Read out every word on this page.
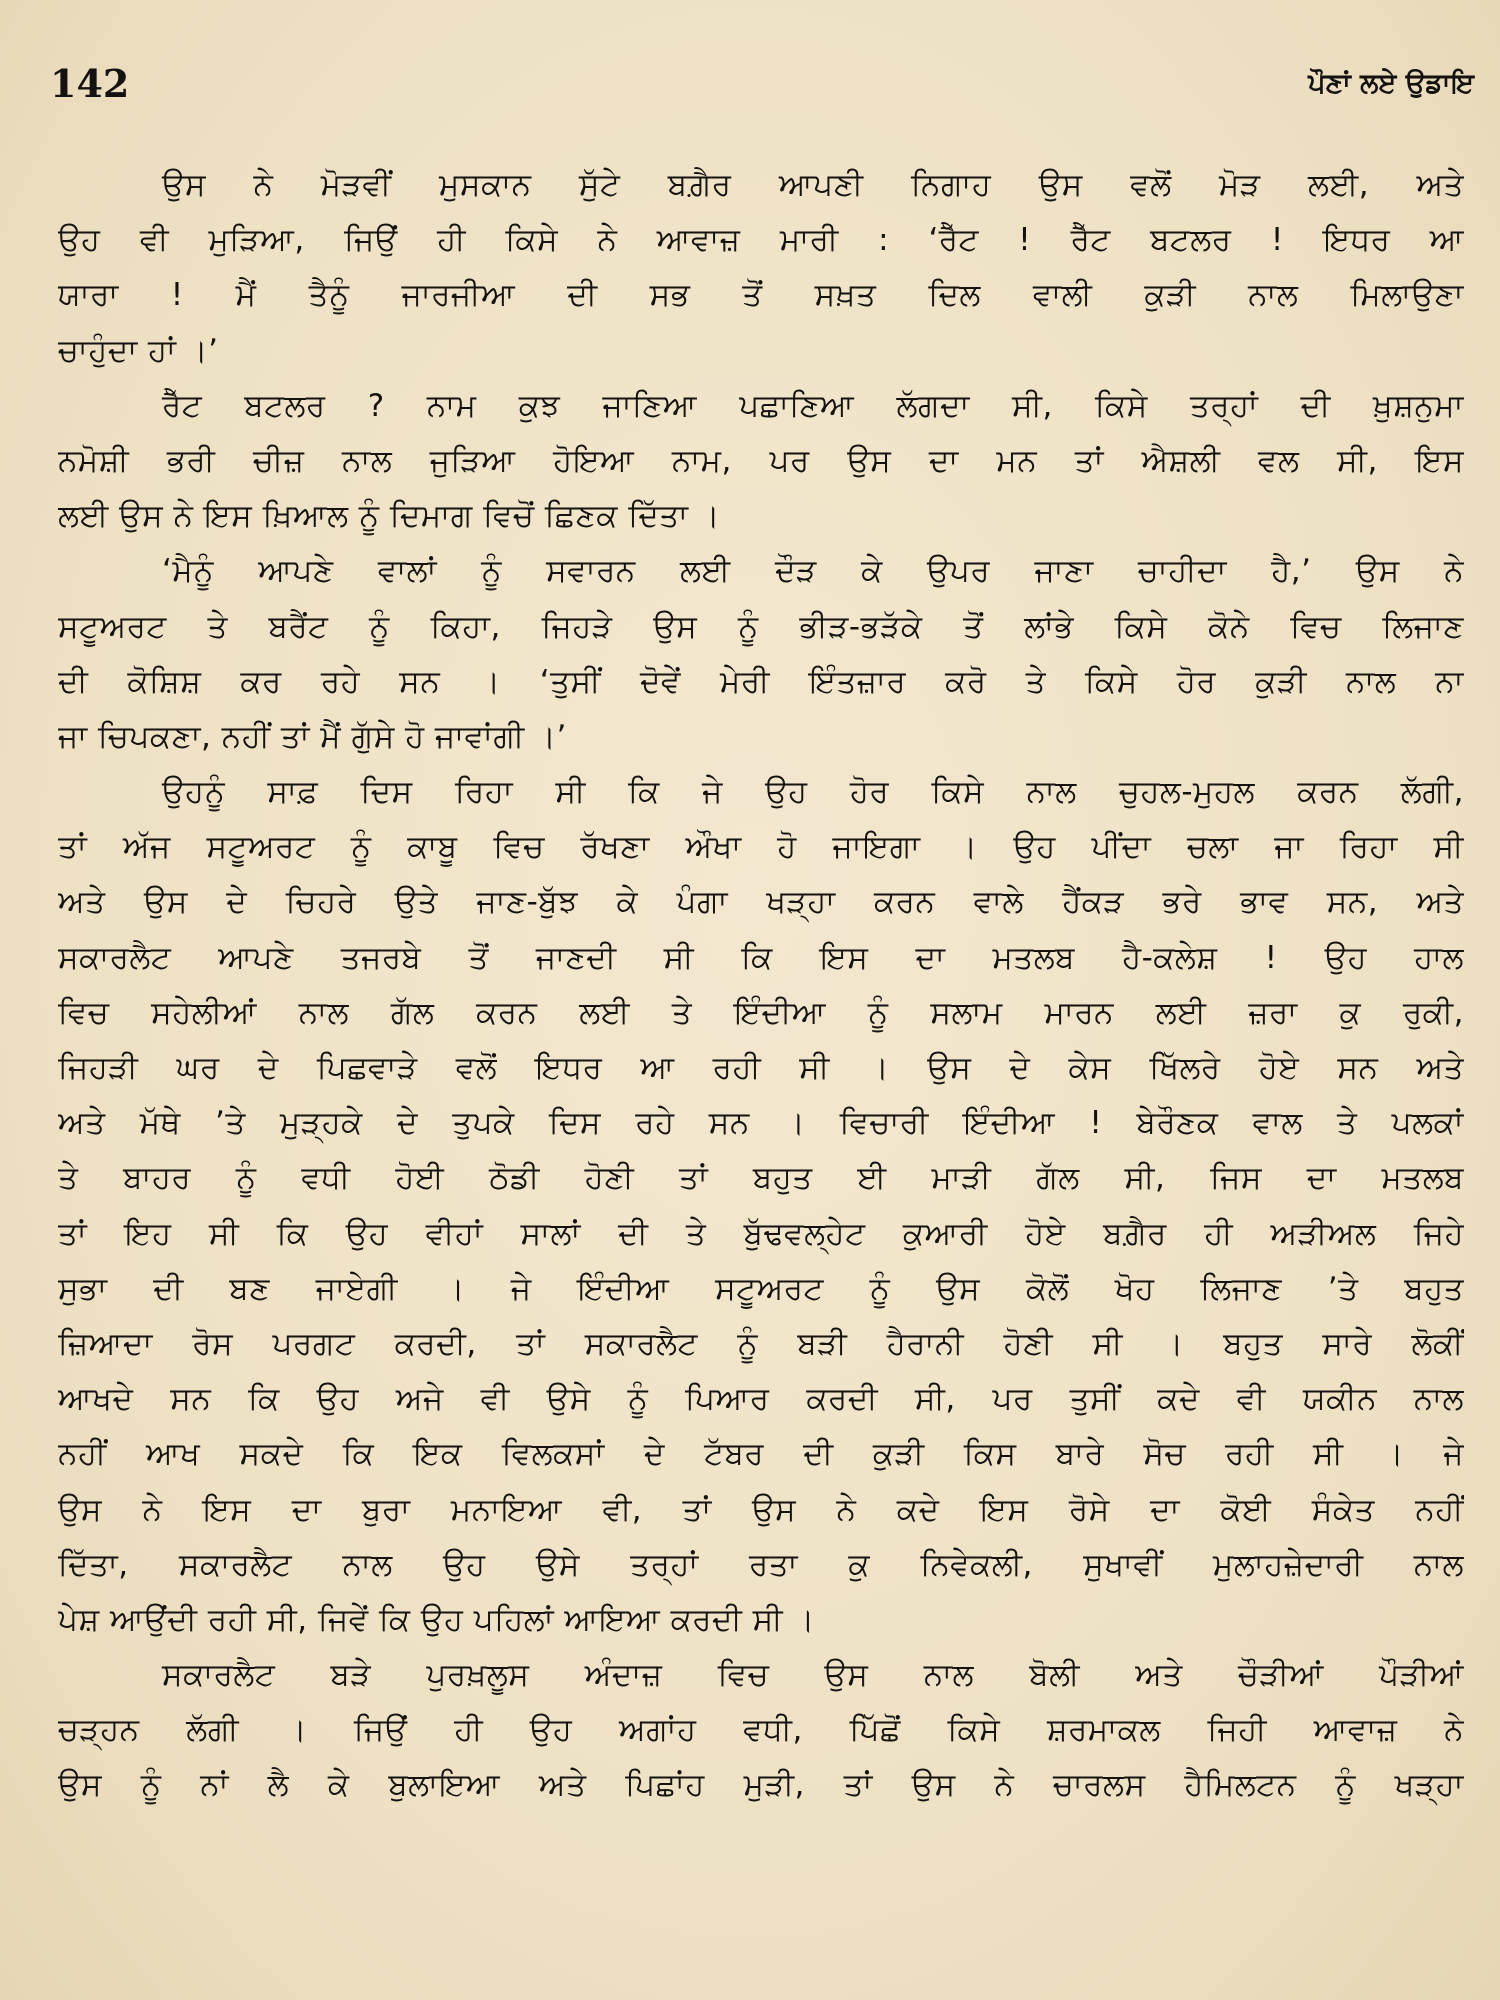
142	ਪੌਣਾਂ ਲਏ ਉਡਾਇ
ਉਸ ਨੇ ਮੋੜਵੀਂ ਮੁਸਕਾਨ ਸੁੱਟੇ ਬਗ਼ੈਰ ਆਪਣੀ ਨਿਗਾਹ ਉਸ ਵਲੋਂ ਮੋੜ ਲਈ, ਅਤੇ
ਉਹ ਵੀ ਮੁੜਿਆ, ਜਿਉਂ ਹੀ ਕਿਸੇ ਨੇ ਆਵਾਜ਼ ਮਾਰੀ : ‘ਰੈੱਟ ! ਰੈੱਟ ਬਟਲਰ ! ਇਧਰ ਆ
ਯਾਰਾ ! ਮੈਂ ਤੈਨੂੰ ਜਾਰਜੀਆ ਦੀ ਸਭ ਤੋਂ ਸਖ਼ਤ ਦਿਲ ਵਾਲੀ ਕੁੜੀ ਨਾਲ ਮਿਲਾਉਣਾ
ਚਾਹੁੰਦਾ ਹਾਂ ।’
ਰੈੱਟ ਬਟਲਰ ? ਨਾਮ ਕੁਝ ਜਾਣਿਆ ਪਛਾਣਿਆ ਲੱਗਦਾ ਸੀ, ਕਿਸੇ ਤਰ੍ਹਾਂ ਦੀ ਖ਼ੁਸ਼ਨੁਮਾ
ਨਮੋਸ਼ੀ ਭਰੀ ਚੀਜ਼ ਨਾਲ ਜੁੜਿਆ ਹੋਇਆ ਨਾਮ, ਪਰ ਉਸ ਦਾ ਮਨ ਤਾਂ ਐਸ਼ਲੀ ਵਲ ਸੀ, ਇਸ
ਲਈ ਉਸ ਨੇ ਇਸ ਖ਼ਿਆਲ ਨੂੰ ਦਿਮਾਗ ਵਿਚੋਂ ਛਿਣਕ ਦਿੱਤਾ ।
‘ਮੈਨੂੰ ਆਪਣੇ ਵਾਲਾਂ ਨੂੰ ਸਵਾਰਨ ਲਈ ਦੌੜ ਕੇ ਉਪਰ ਜਾਣਾ ਚਾਹੀਦਾ ਹੈ,’ ਉਸ ਨੇ
ਸਟੂਅਰਟ ਤੇ ਬਰੈਂਟ ਨੂੰ ਕਿਹਾ, ਜਿਹੜੇ ਉਸ ਨੂੰ ਭੀੜ-ਭੜੱਕੇ ਤੋਂ ਲਾਂਭੇ ਕਿਸੇ ਕੋਨੇ ਵਿਚ ਲਿਜਾਣ
ਦੀ ਕੋਸ਼ਿਸ਼ ਕਰ ਰਹੇ ਸਨ । ‘ਤੁਸੀਂ ਦੋਵੇਂ ਮੇਰੀ ਇੰਤਜ਼ਾਰ ਕਰੋ ਤੇ ਕਿਸੇ ਹੋਰ ਕੁੜੀ ਨਾਲ ਨਾ
ਜਾ ਚਿਪਕਣਾ, ਨਹੀਂ ਤਾਂ ਮੈਂ ਗੁੱਸੇ ਹੋ ਜਾਵਾਂਗੀ ।’
ਉਹਨੂੰ ਸਾਫ਼ ਦਿਸ ਰਿਹਾ ਸੀ ਕਿ ਜੇ ਉਹ ਹੋਰ ਕਿਸੇ ਨਾਲ ਚੁਹਲ-ਮੁਹਲ ਕਰਨ ਲੱਗੀ,
ਤਾਂ ਅੱਜ ਸਟੂਅਰਟ ਨੂੰ ਕਾਬੂ ਵਿਚ ਰੱਖਣਾ ਔਖਾ ਹੋ ਜਾਇਗਾ । ਉਹ ਪੀਂਦਾ ਚਲਾ ਜਾ ਰਿਹਾ ਸੀ
ਅਤੇ ਉਸ ਦੇ ਚਿਹਰੇ ਉਤੇ ਜਾਣ-ਬੁੱਝ ਕੇ ਪੰਗਾ ਖੜ੍ਹਾ ਕਰਨ ਵਾਲੇ ਹੈਂਕੜ ਭਰੇ ਭਾਵ ਸਨ, ਅਤੇ
ਸਕਾਰਲੈਟ ਆਪਣੇ ਤਜਰਬੇ ਤੋਂ ਜਾਣਦੀ ਸੀ ਕਿ ਇਸ ਦਾ ਮਤਲਬ ਹੈ-ਕਲੇਸ਼ ! ਉਹ ਹਾਲ
ਵਿਚ ਸਹੇਲੀਆਂ ਨਾਲ ਗੱਲ ਕਰਨ ਲਈ ਤੇ ਇੰਦੀਆ ਨੂੰ ਸਲਾਮ ਮਾਰਨ ਲਈ ਜ਼ਰਾ ਕੁ ਰੁਕੀ,
ਜਿਹੜੀ ਘਰ ਦੇ ਪਿਛਵਾੜੇ ਵਲੋਂ ਇਧਰ ਆ ਰਹੀ ਸੀ । ਉਸ ਦੇ ਕੇਸ ਖਿੱਲਰੇ ਹੋਏ ਸਨ ਅਤੇ
ਅਤੇ ਮੱਥੇ ’ਤੇ ਮੁੜ੍ਹਕੇ ਦੇ ਤੁਪਕੇ ਦਿਸ ਰਹੇ ਸਨ । ਵਿਚਾਰੀ ਇੰਦੀਆ ! ਬੇਰੌਣਕ ਵਾਲ ਤੇ ਪਲਕਾਂ
ਤੇ ਬਾਹਰ ਨੂੰ ਵਧੀ ਹੋਈ ਠੋਡੀ ਹੋਣੀ ਤਾਂ ਬਹੁਤ ਈ ਮਾੜੀ ਗੱਲ ਸੀ, ਜਿਸ ਦਾ ਮਤਲਬ
ਤਾਂ ਇਹ ਸੀ ਕਿ ਉਹ ਵੀਹਾਂ ਸਾਲਾਂ ਦੀ ਤੇ ਬੁੱਢਵਲ੍ਹੇਟ ਕੁਆਰੀ ਹੋਏ ਬਗ਼ੈਰ ਹੀ ਅੜੀਅਲ ਜਿਹੇ
ਸੁਭਾ ਦੀ ਬਣ ਜਾਏਗੀ । ਜੇ ਇੰਦੀਆ ਸਟੂਅਰਟ ਨੂੰ ਉਸ ਕੋਲੋਂ ਖੋਹ ਲਿਜਾਣ ’ਤੇ ਬਹੁਤ
ਜ਼ਿਆਦਾ ਰੋਸ ਪਰਗਟ ਕਰਦੀ, ਤਾਂ ਸਕਾਰਲੈਟ ਨੂੰ ਬੜੀ ਹੈਰਾਨੀ ਹੋਣੀ ਸੀ । ਬਹੁਤ ਸਾਰੇ ਲੋਕੀਂ
ਆਖਦੇ ਸਨ ਕਿ ਉਹ ਅਜੇ ਵੀ ਉਸੇ ਨੂੰ ਪਿਆਰ ਕਰਦੀ ਸੀ, ਪਰ ਤੁਸੀਂ ਕਦੇ ਵੀ ਯਕੀਨ ਨਾਲ
ਨਹੀਂ ਆਖ ਸਕਦੇ ਕਿ ਇਕ ਵਿਲਕਸਾਂ ਦੇ ਟੱਬਰ ਦੀ ਕੁੜੀ ਕਿਸ ਬਾਰੇ ਸੋਚ ਰਹੀ ਸੀ । ਜੇ
ਉਸ ਨੇ ਇਸ ਦਾ ਬੁਰਾ ਮਨਾਇਆ ਵੀ, ਤਾਂ ਉਸ ਨੇ ਕਦੇ ਇਸ ਰੋਸੇ ਦਾ ਕੋਈ ਸੰਕੇਤ ਨਹੀਂ
ਦਿੱਤਾ, ਸਕਾਰਲੈਟ ਨਾਲ ਉਹ ਉਸੇ ਤਰ੍ਹਾਂ ਰਤਾ ਕੁ ਨਿਵੇਕਲੀ, ਸੁਖਾਵੀਂ ਮੁਲਾਹਜ਼ੇਦਾਰੀ ਨਾਲ
ਪੇਸ਼ ਆਉਂਦੀ ਰਹੀ ਸੀ, ਜਿਵੇਂ ਕਿ ਉਹ ਪਹਿਲਾਂ ਆਇਆ ਕਰਦੀ ਸੀ ।
ਸਕਾਰਲੈਟ ਬੜੇ ਪੁਰਖ਼ਲੂਸ ਅੰਦਾਜ਼ ਵਿਚ ਉਸ ਨਾਲ ਬੋਲੀ ਅਤੇ ਚੌੜੀਆਂ ਪੌੜੀਆਂ
ਚੜ੍ਹਨ ਲੱਗੀ । ਜਿਉਂ ਹੀ ਉਹ ਅਗਾਂਹ ਵਧੀ, ਪਿੱਛੋਂ ਕਿਸੇ ਸ਼ਰਮਾਕਲ ਜਿਹੀ ਆਵਾਜ਼ ਨੇ
ਉਸ ਨੂੰ ਨਾਂ ਲੈ ਕੇ ਬੁਲਾਇਆ ਅਤੇ ਪਿਛਾਂਹ ਮੁੜੀ, ਤਾਂ ਉਸ ਨੇ ਚਾਰਲਸ ਹੈਮਿਲਟਨ ਨੂੰ ਖੜ੍ਹਾ
